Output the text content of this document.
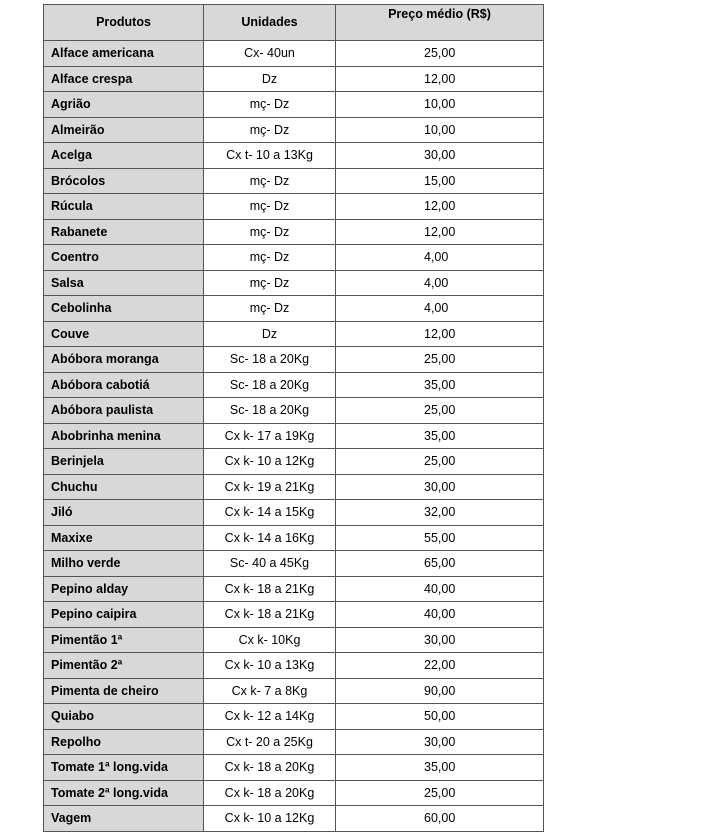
Produtos	Unidades	Preço médio (R$)
Alface americana	Cx- 40un	25,00
Alface crespa	Dz	12,00
Agrião	mç- Dz	10,00
Almeirão	mç- Dz	10,00
Acelga	Cx t- 10 a 13Kg	30,00
Brócolos	mç- Dz	15,00
Rúcula	mç- Dz	12,00
Rabanete	mç- Dz	12,00
Coentro	mç- Dz	4,00
Salsa	mç- Dz	4,00
Cebolinha	mç- Dz	4,00
Couve	Dz	12,00
Abóbora moranga	Sc- 18 a 20Kg	25,00
Abóbora cabotiá	Sc- 18 a 20Kg	35,00
Abóbora paulista	Sc- 18 a 20Kg	25,00
Abobrinha menina	Cx k- 17 a 19Kg	35,00
Berinjela	Cx k- 10 a 12Kg	25,00
Chuchu	Cx k- 19 a 21Kg	30,00
Jiló	Cx k- 14 a 15Kg	32,00
Maxixe	Cx k- 14 a 16Kg	55,00
Milho verde	Sc- 40 a 45Kg	65,00
Pepino alday	Cx k- 18 a 21Kg	40,00
Pepino caipira	Cx k- 18 a 21Kg	40,00
Pimentão 1ª	Cx k- 10Kg	30,00
Pimentão 2ª	Cx k- 10 a 13Kg	22,00
Pimenta de cheiro	Cx k- 7 a 8Kg	90,00
Quiabo	Cx k- 12 a 14Kg	50,00
Repolho	Cx t- 20 a 25Kg	30,00
Tomate 1ª long.vida	Cx k- 18 a 20Kg	35,00
Tomate 2ª long.vida	Cx k- 18 a 20Kg	25,00
Vagem	Cx k- 10 a 12Kg	60,00
